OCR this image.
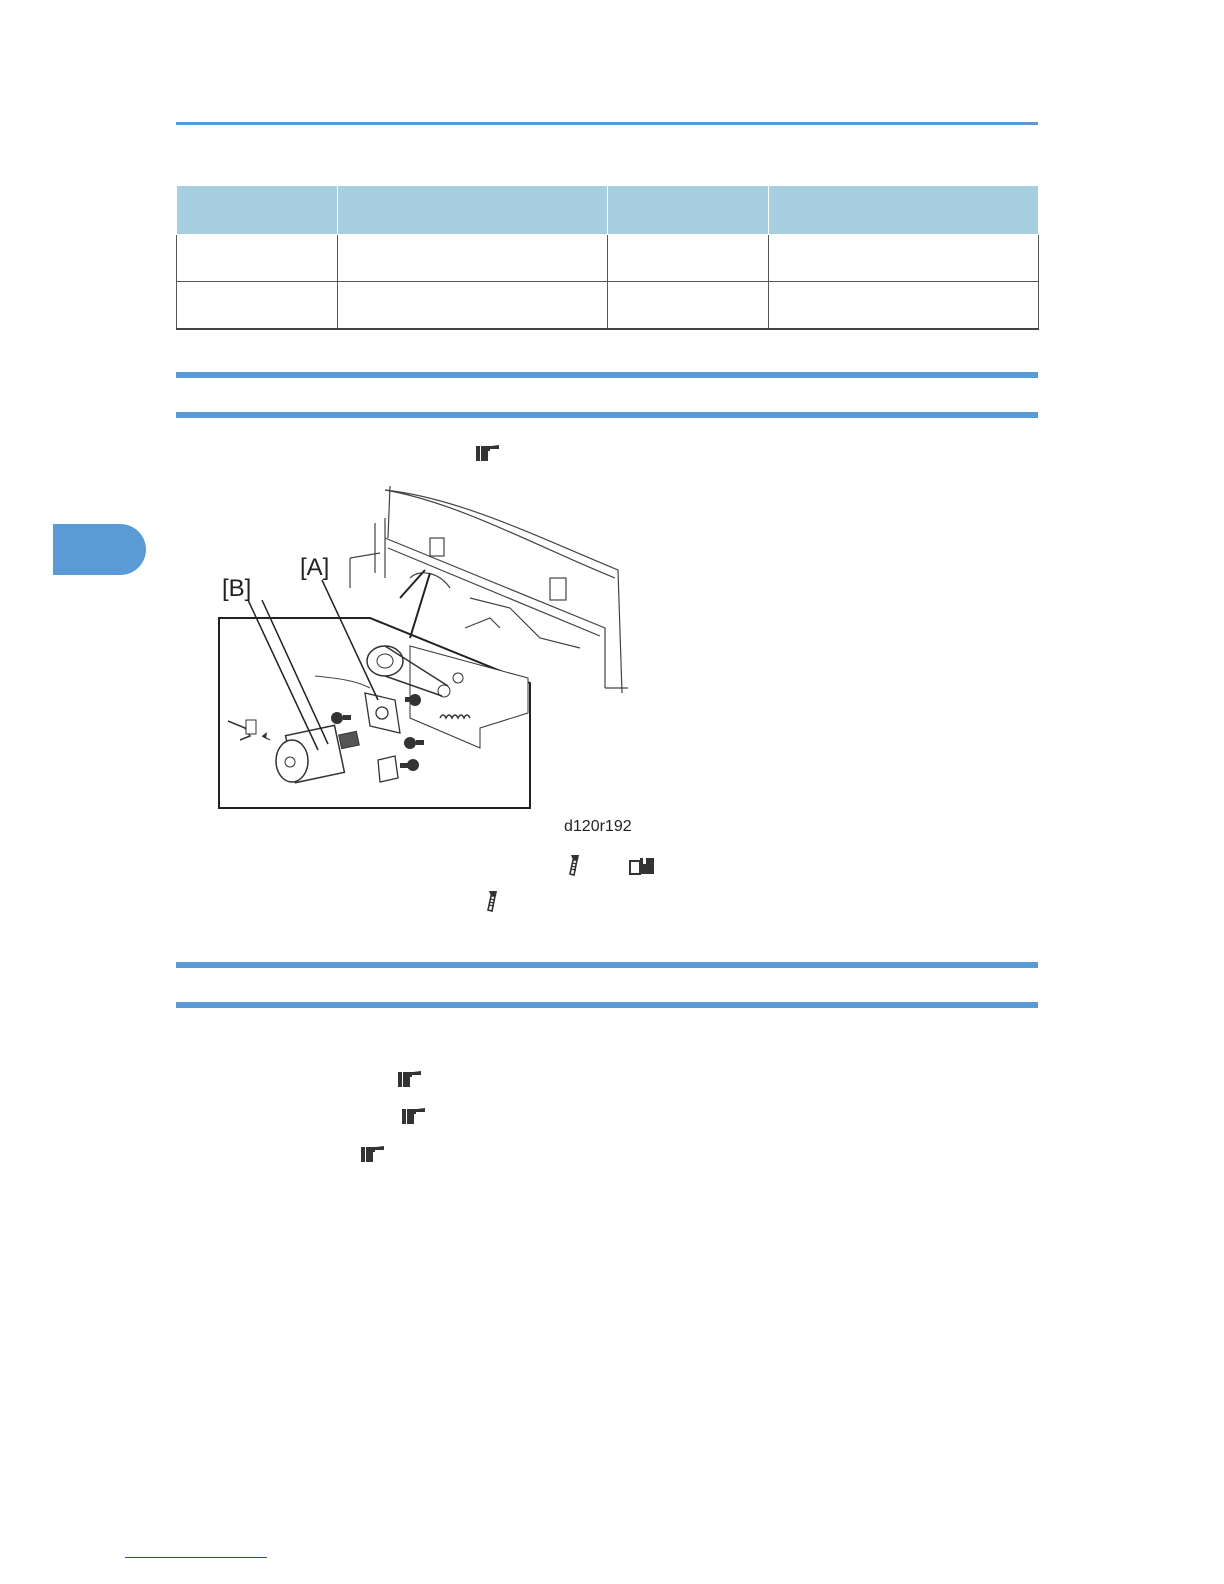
[A]
[B]
d120r192
